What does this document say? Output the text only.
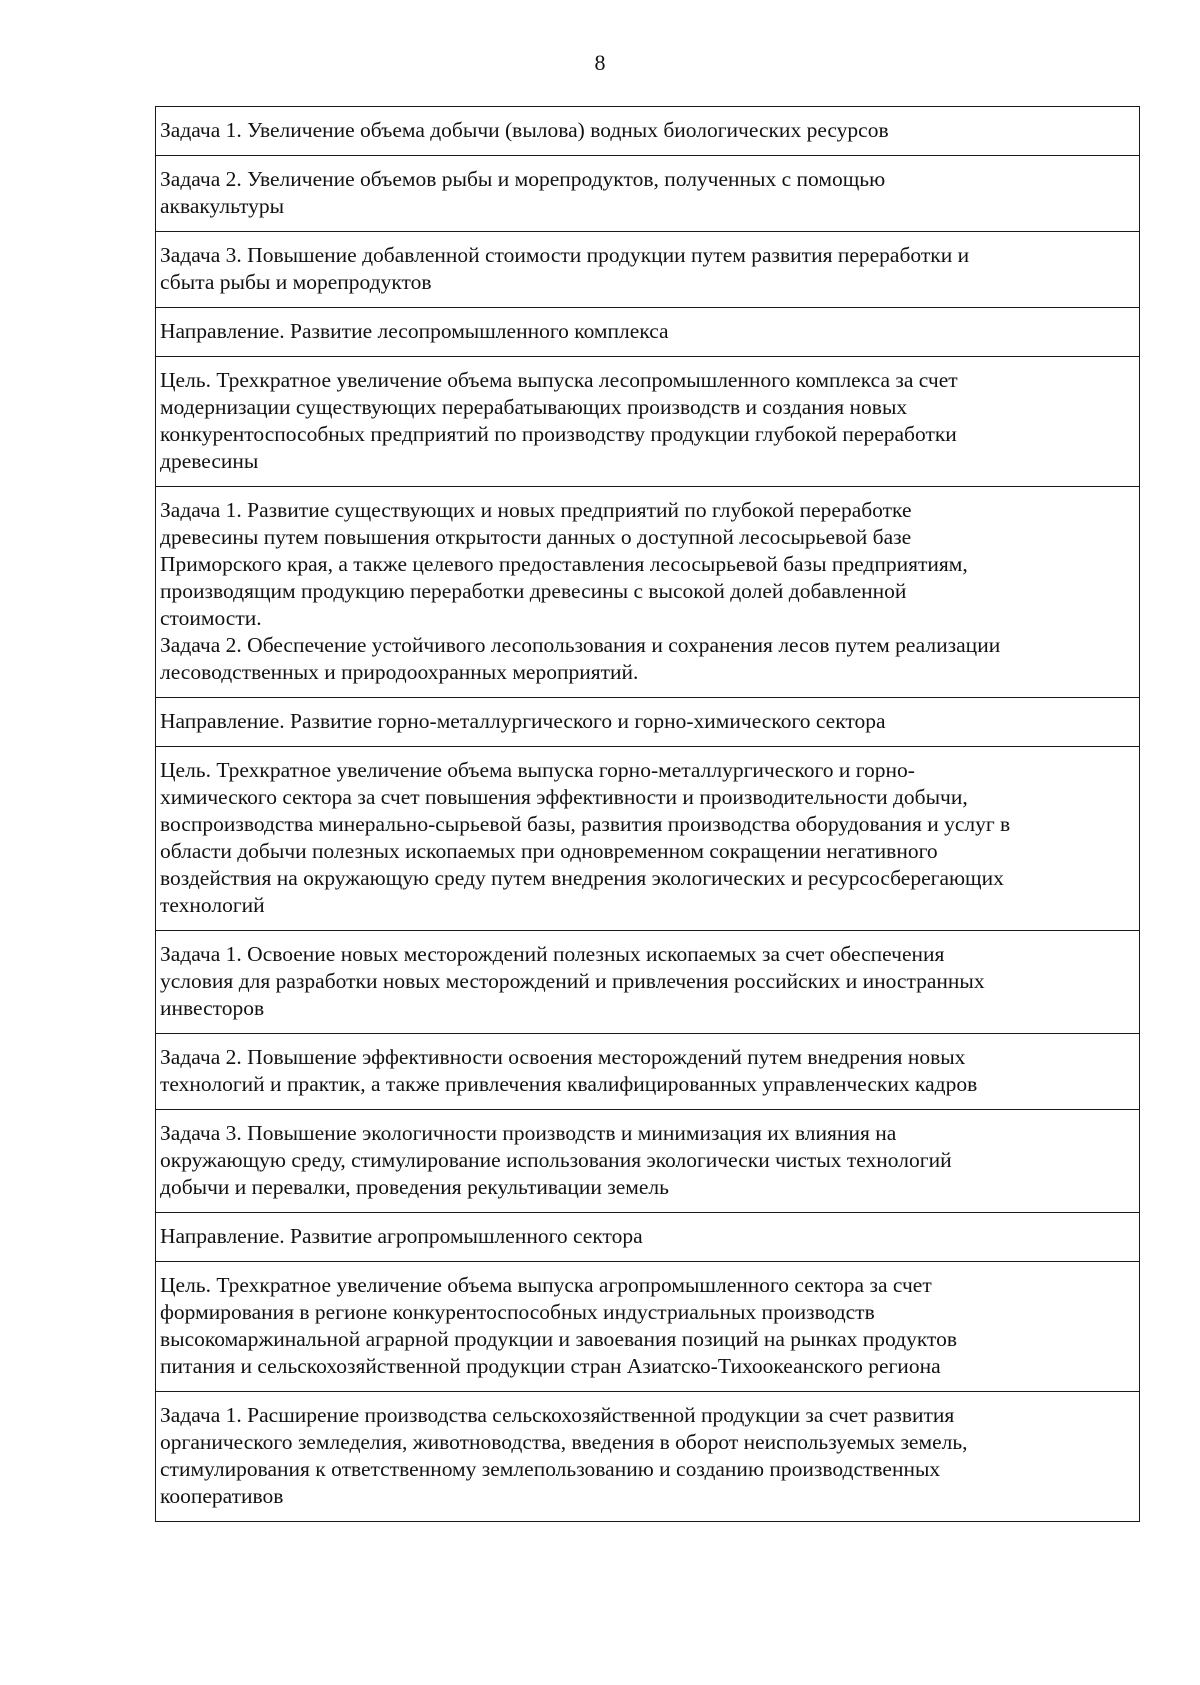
8
Задача 1. Увеличение объема добычи (вылова) водных биологических ресурсов
Задача 2. Увеличение объемов рыбы и морепродуктов, полученных с помощью
аквакультуры
Задача 3. Повышение добавленной стоимости продукции путем развития переработки и
сбыта рыбы и морепродуктов
Направление. Развитие лесопромышленного комплекса
Цель. Трехкратное увеличение объема выпуска лесопромышленного комплекса за счет
модернизации существующих перерабатывающих производств и создания новых
конкурентоспособных предприятий по производству продукции глубокой переработки
древесины
Задача 1. Развитие существующих и новых предприятий по глубокой переработке
древесины путем повышения открытости данных о доступной лесосырьевой базе
Приморского края, а также целевого предоставления лесосырьевой базы предприятиям,
производящим продукцию переработки древесины с высокой долей добавленной
стоимости.
Задача 2. Обеспечение устойчивого лесопользования и сохранения лесов путем реализации
лесоводственных и природоохранных мероприятий.
Направление. Развитие горно-металлургического и горно-химического сектора
Цель. Трехкратное увеличение объема выпуска горно-металлургического и горно-
химического сектора за счет повышения эффективности и производительности добычи,
воспроизводства минерально-сырьевой базы, развития производства оборудования и услуг в
области добычи полезных ископаемых при одновременном сокращении негативного
воздействия на окружающую среду путем внедрения экологических и ресурсосберегающих
технологий
Задача 1. Освоение новых месторождений полезных ископаемых за счет обеспечения
условия для разработки новых месторождений и привлечения российских и иностранных
инвесторов
Задача 2. Повышение эффективности освоения месторождений путем внедрения новых
технологий и практик, а также привлечения квалифицированных управленческих кадров
Задача 3. Повышение экологичности производств и минимизация их влияния на
окружающую среду, стимулирование использования экологически чистых технологий
добычи и перевалки, проведения рекультивации земель
Направление. Развитие агропромышленного сектора
Цель. Трехкратное увеличение объема выпуска агропромышленного сектора за счет
формирования в регионе конкурентоспособных индустриальных производств
высокомаржинальной аграрной продукции и завоевания позиций на рынках продуктов
питания и сельскохозяйственной продукции стран Азиатско-Тихоокеанского региона
Задача 1. Расширение производства сельскохозяйственной продукции за счет развития
органического земледелия, животноводства, введения в оборот неиспользуемых земель,
стимулирования к ответственному землепользованию и созданию производственных
кооперативов
